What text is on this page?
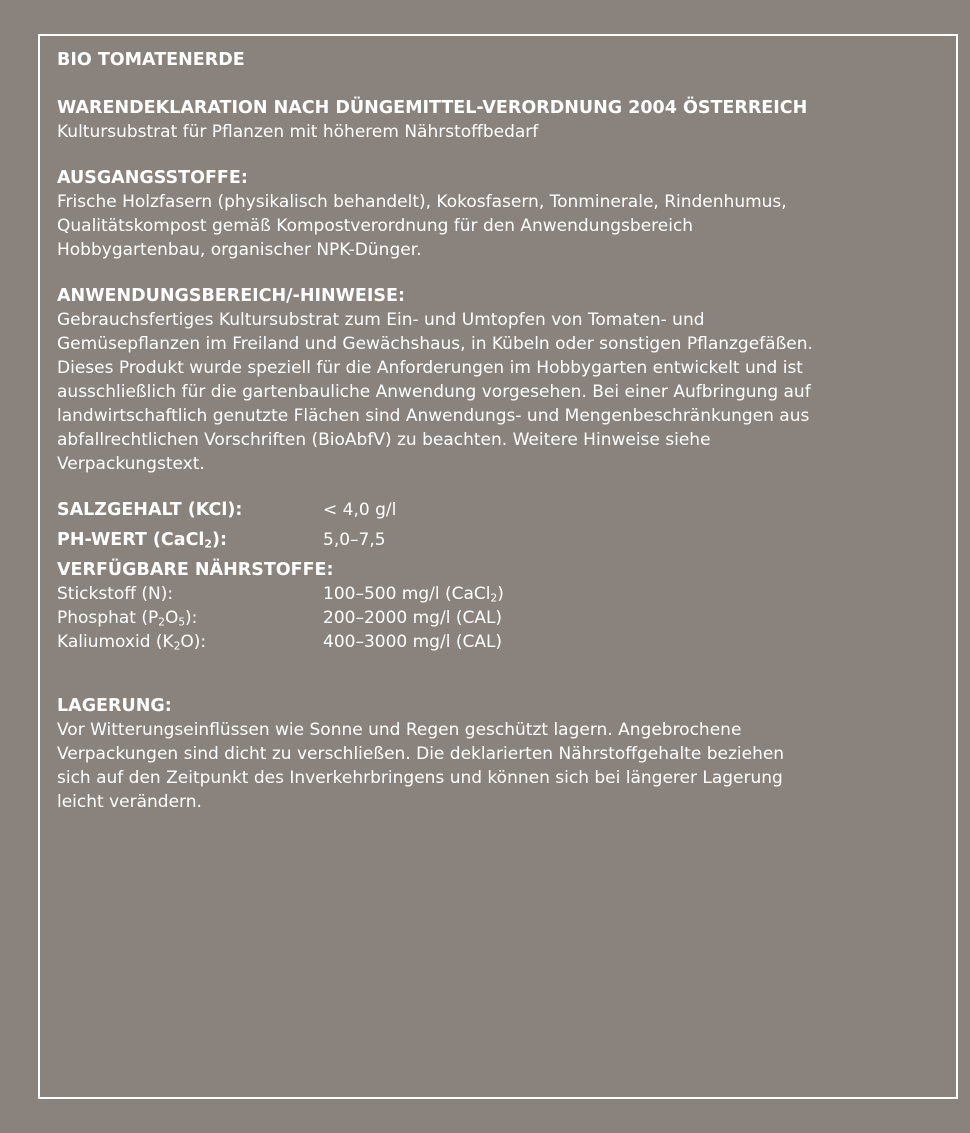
BIO TOMATENERDE
WARENDEKLARATION NACH DÜNGEMITTEL-VERORDNUNG 2004 ÖSTERREICH
Kultursubstrat für Pflanzen mit höherem Nährstoffbedarf
AUSGANGSSTOFFE:
Frische Holzfasern (physikalisch behandelt), Kokosfasern, Tonminerale, Rindenhumus,
Qualitätskompost gemäß Kompostverordnung für den Anwendungsbereich
Hobbygartenbau, organischer NPK-Dünger.
ANWENDUNGSBEREICH/-HINWEISE:
Gebrauchsfertiges Kultursubstrat zum Ein- und Umtopfen von Tomaten- und
Gemüsepflanzen im Freiland und Gewächshaus, in Kübeln oder sonstigen Pflanzgefäßen.
Dieses Produkt wurde speziell für die Anforderungen im Hobbygarten entwickelt und ist
ausschließlich für die gartenbauliche Anwendung vorgesehen. Bei einer Aufbringung auf
landwirtschaftlich genutzte Flächen sind Anwendungs- und Mengenbeschränkungen aus
abfallrechtlichen Vorschriften (BioAbfV) zu beachten. Weitere Hinweise siehe
Verpackungstext.
SALZGEHALT (KCl):	< 4,0 g/l
PH-WERT (CaCl$_2$):	5,0–7,5
VERFÜGBARE NÄHRSTOFFE:
Stickstoff (N):	100–500 mg/l (CaCl$_2$)
Phosphat $(P_2O_5)$:	200–2000 mg/l (CAL)
Kaliumoxid $(K_2O)$:	400–3000 mg/l (CAL)
LAGERUNG:
Vor Witterungseinflüssen wie Sonne und Regen geschützt lagern. Angebrochene
Verpackungen sind dicht zu verschließen. Die deklarierten Nährstoffgehalte beziehen
sich auf den Zeitpunkt des Inverkehrbringens und können sich bei längerer Lagerung
leicht verändern.
